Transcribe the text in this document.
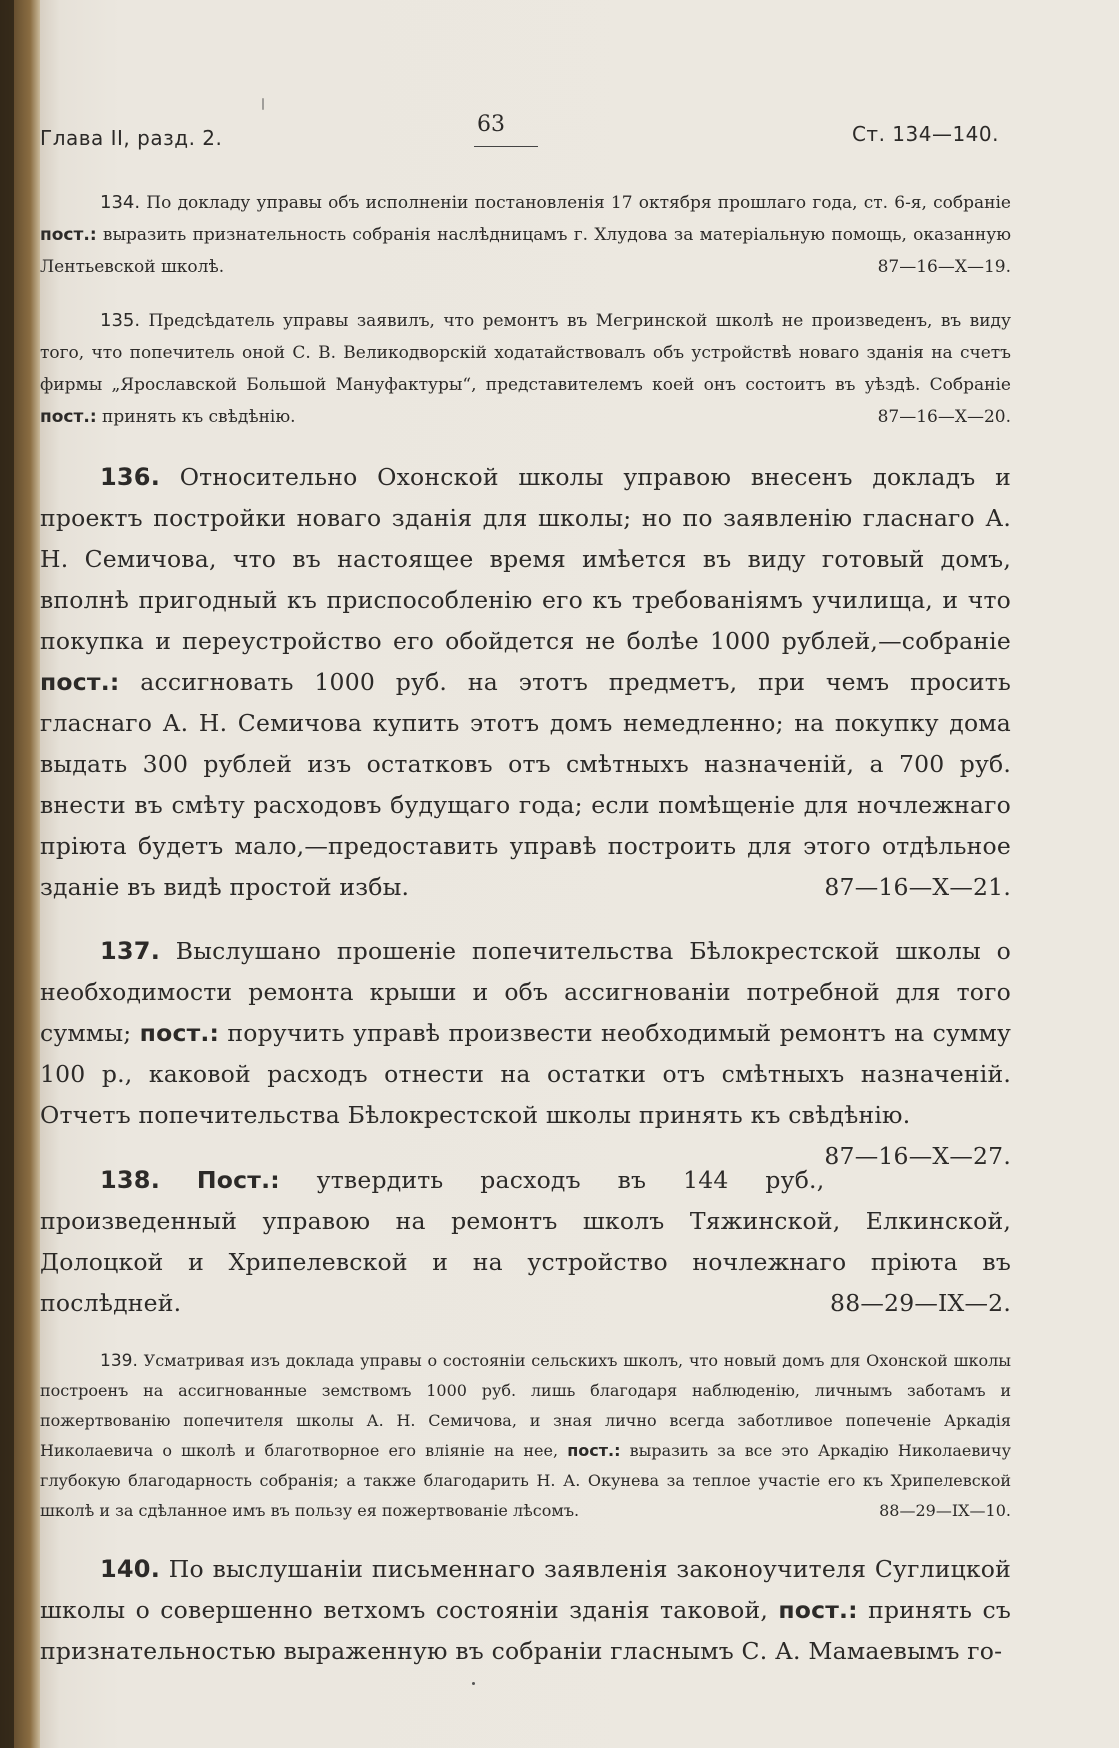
Глава II, разд. 2.
63	Ст. 134—140.

134. По докладу управы объ исполненіи постановленія 17 октября прошлаго года, ст. 6-я, собраніе пост.: выразить признательность собранія наслѣдницамъ г. Хлудова за матеріальную помощь, оказанную Лентьевской школѣ.	87—16—X—19.

135. Предсѣдатель управы заявилъ, что ремонтъ въ Мегринской школѣ не произведенъ, въ виду того, что попечитель оной С. В. Великодворскій ходатайствовалъ объ устройствѣ новаго зданія на счетъ фирмы „Ярославской Большой Мануфактуры“, представителемъ коей онъ состоитъ въ уѣздѣ. Собраніе пост.: принять къ свѣдѣнію.	87—16—X—20.

136. Относительно Охонской школы управою внесенъ докладъ и проектъ постройки новаго зданія для школы; но по заявленію гласнаго А. Н. Семичова, что въ настоящее время имѣется въ виду готовый домъ, вполнѣ пригодный къ приспособленію его къ требованіямъ училища, и что покупка и переустройство его обойдется не болѣе 1000 рублей,—собраніе пост.: ассигновать 1000 руб. на этотъ предметъ, при чемъ просить гласнаго А. Н. Семичова купить этотъ домъ немедленно; на покупку дома выдать 300 рублей изъ остатковъ отъ смѣтныхъ назначеній, а 700 руб. внести въ смѣту расходовъ будущаго года; если помѣщеніе для ночлежнаго пріюта будетъ мало,—предоставить управѣ построить для этого отдѣльное зданіе въ видѣ простой избы.	87—16—X—21.

137. Выслушано прошеніе попечительства Бѣлокрестской школы о необходимости ремонта крыши и объ ассигнованіи потребной для того суммы; пост.: поручить управѣ произвести необходимый ремонтъ на сумму 100 р., каковой расходъ отнести на остатки отъ смѣтныхъ назначеній. Отчетъ попечительства Бѣлокрестской школы принять къ свѣдѣнію.
87—16—X—27.

138. Пост.: утвердить расходъ въ 144 руб., произведенный управою на ремонтъ школъ Тяжинской, Елкинской, Долоцкой и Хрипелевской и на устройство ночлежнаго пріюта въ послѣдней.	88—29—IX—2.

139. Усматривая изъ доклада управы о состояніи сельскихъ школъ, что новый домъ для Охонской школы построенъ на ассигнованные земствомъ 1000 руб. лишь благодаря наблюденію, личнымъ заботамъ и пожертвованію попечителя школы А. Н. Семичова, и зная лично всегда заботливое попеченіе Аркадія Николаевича о школѣ и благотворное его вліяніе на нее, пост.: выразить за все это Аркадію Николаевичу глубокую благодарность собранія; а также благодарить Н. А. Окунева за теплое участіе его къ Хрипелевской школѣ и за сдѣланное имъ въ пользу ея пожертвованіе лѣсомъ.	88—29—IX—10.

140. По выслушаніи письменнаго заявленія законоучителя Суглицкой школы о совершенно ветхомъ состояніи зданія таковой, пост.: принять съ признательностью выраженную въ собраніи гласнымъ С. А. Мамаевымъ го-
